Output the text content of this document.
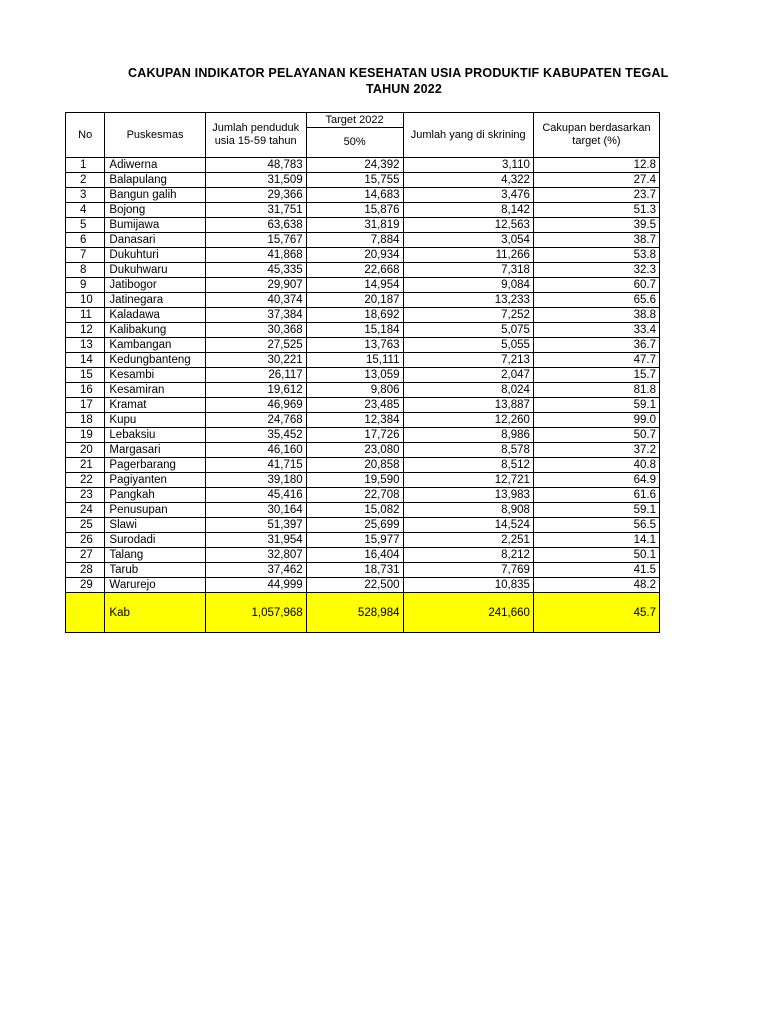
CAKUPAN INDIKATOR PELAYANAN KESEHATAN USIA PRODUKTIF KABUPATEN TEGAL
TAHUN 2022
No	Puskesmas	Jumlah penduduk usia 15-59 tahun	Target 2022	Jumlah yang di skrining	Cakupan berdasarkan target (%)
			50%		
1	Adiwerna	48,783	24,392	3,110	12.8
2	Balapulang	31,509	15,755	4,322	27.4
3	Bangun galih	29,366	14,683	3,476	23.7
4	Bojong	31,751	15,876	8,142	51.3
5	Bumijawa	63,638	31,819	12,563	39.5
6	Danasari	15,767	7,884	3,054	38.7
7	Dukuhturi	41,868	20,934	11,266	53.8
8	Dukuhwaru	45,335	22,668	7,318	32.3
9	Jatibogor	29,907	14,954	9,084	60.7
10	Jatinegara	40,374	20,187	13,233	65.6
11	Kaladawa	37,384	18,692	7,252	38.8
12	Kalibakung	30,368	15,184	5,075	33.4
13	Kambangan	27,525	13,763	5,055	36.7
14	Kedungbanteng	30,221	15,111	7,213	47.7
15	Kesambi	26,117	13,059	2,047	15.7
16	Kesamiran	19,612	9,806	8,024	81.8
17	Kramat	46,969	23,485	13,887	59.1
18	Kupu	24,768	12,384	12,260	99.0
19	Lebaksiu	35,452	17,726	8,986	50.7
20	Margasari	46,160	23,080	8,578	37.2
21	Pagerbarang	41,715	20,858	8,512	40.8
22	Pagiyanten	39,180	19,590	12,721	64.9
23	Pangkah	45,416	22,708	13,983	61.6
24	Penusupan	30,164	15,082	8,908	59.1
25	Slawi	51,397	25,699	14,524	56.5
26	Surodadi	31,954	15,977	2,251	14.1
27	Talang	32,807	16,404	8,212	50.1
28	Tarub	37,462	18,731	7,769	41.5
29	Warurejo	44,999	22,500	10,835	48.2
	Kab	1,057,968	528,984	241,660	45.7
